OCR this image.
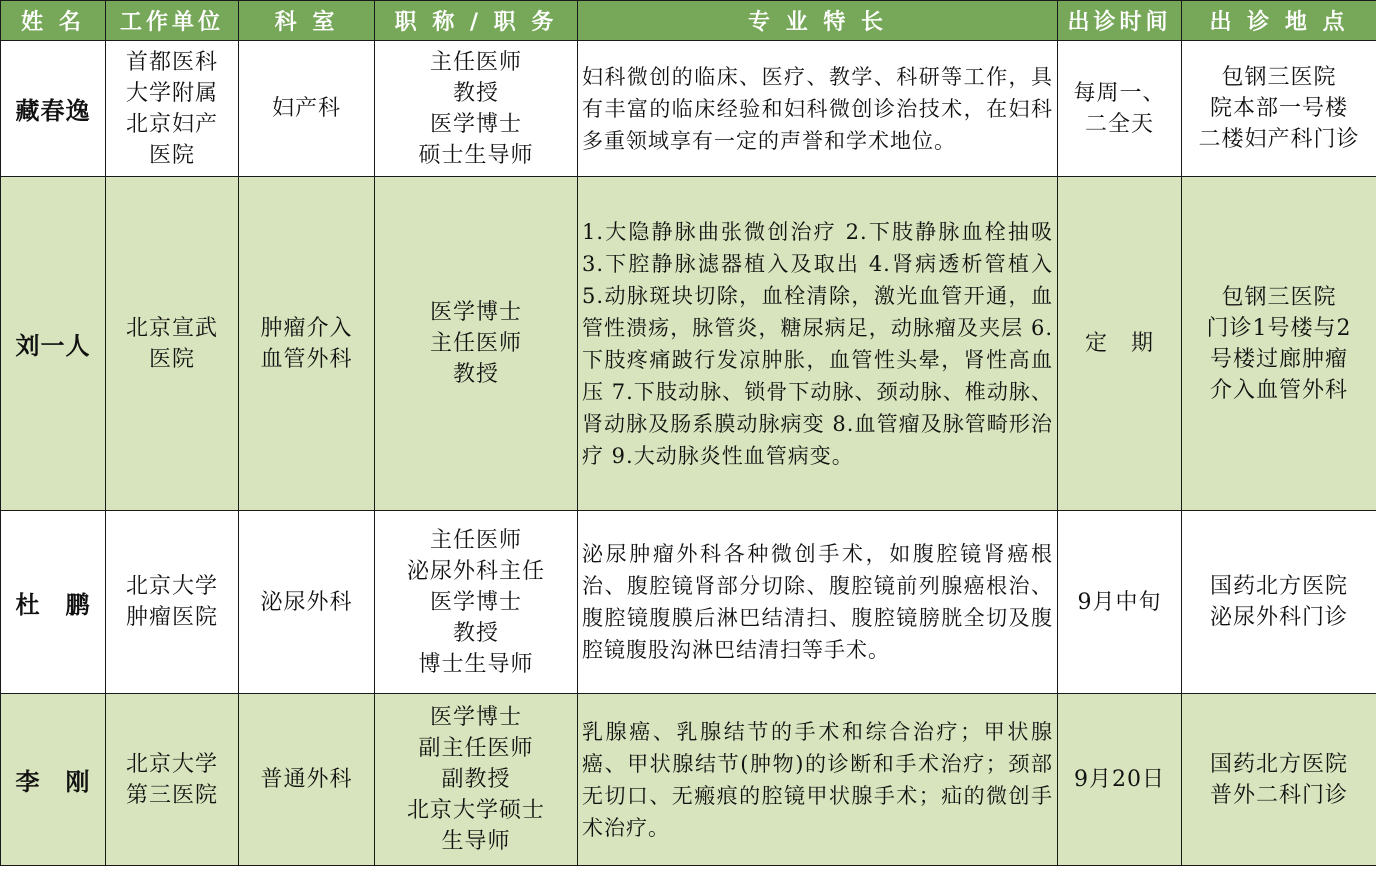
姓 名	工作单位	科 室	职 称 / 职 务	专 业 特 长	出诊时间	出 诊 地 点
藏春逸	首都医科
大学附属
北京妇产
医院	妇产科	主任医师
教授
医学博士
硕士生导师	妇科微创的临床、医疗、教学、科研等工作，具有丰富的临床经验和妇科微创诊治技术，在妇科多重领域享有一定的声誉和学术地位。	每周一、
二全天	包钢三医院
院本部一号楼
二楼妇产科门诊

刘一人	北京宣武
医院	肿瘤介入
血管外科	医学博士
主任医师
教授	1.大隐静脉曲张微创治疗 2.下肢静脉血栓抽吸 3.下腔静脉滤器植入及取出 4.肾病透析管植入 5.动脉斑块切除，血栓清除，激光血管开通，血管性溃疡，脉管炎，糖尿病足，动脉瘤及夹层 6.下肢疼痛跛行发凉肿胀，血管性头晕，肾性高血压 7.下肢动脉、锁骨下动脉、颈动脉、椎动脉、肾动脉及肠系膜动脉病变 8.血管瘤及脉管畸形治疗 9.大动脉炎性血管病变。	定　期	包钢三医院
门诊1号楼与2
号楼过廊肿瘤
介入血管外科

杜　鹏	北京大学
肿瘤医院	泌尿外科	主任医师
泌尿外科主任
医学博士
教授
博士生导师	泌尿肿瘤外科各种微创手术，如腹腔镜肾癌根治、腹腔镜肾部分切除、腹腔镜前列腺癌根治、腹腔镜腹膜后淋巴结清扫、腹腔镜膀胱全切及腹腔镜腹股沟淋巴结清扫等手术。	9月中旬	国药北方医院
泌尿外科门诊

李　刚	北京大学
第三医院	普通外科	医学博士
副主任医师
副教授
北京大学硕士
生导师	乳腺癌、乳腺结节的手术和综合治疗；甲状腺癌、甲状腺结节(肿物)的诊断和手术治疗；颈部无切口、无瘢痕的腔镜甲状腺手术；疝的微创手术治疗。	9月20日	国药北方医院
普外二科门诊
